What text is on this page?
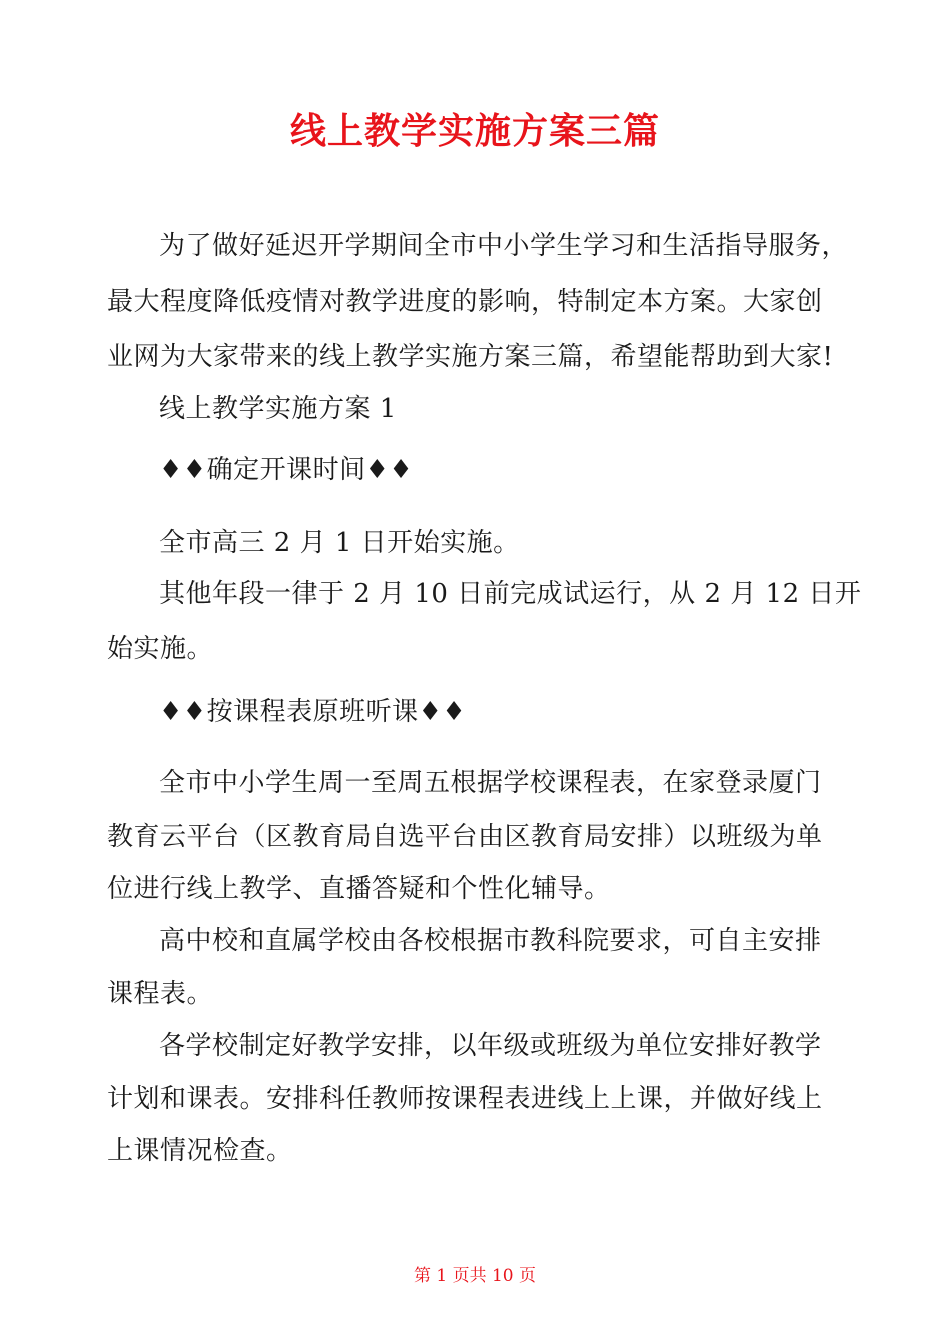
线上教学实施方案三篇
为了做好延迟开学期间全市中小学生学习和生活指导服务，
最大程度降低疫情对教学进度的影响，特制定本方案。大家创
业网为大家带来的线上教学实施方案三篇，希望能帮助到大家!
线上教学实施方案 1
♦♦确定开课时间♦♦
全市高三 2 月 1 日开始实施。
其他年段一律于 2 月 10 日前完成试运行，从 2 月 12 日开
始实施。
♦♦按课程表原班听课♦♦
全市中小学生周一至周五根据学校课程表，在家登录厦门
教育云平台（区教育局自选平台由区教育局安排）以班级为单
位进行线上教学、直播答疑和个性化辅导。
高中校和直属学校由各校根据市教科院要求，可自主安排
课程表。
各学校制定好教学安排，以年级或班级为单位安排好教学
计划和课表。安排科任教师按课程表进线上上课，并做好线上
上课情况检查。
第 1 页共 10 页
